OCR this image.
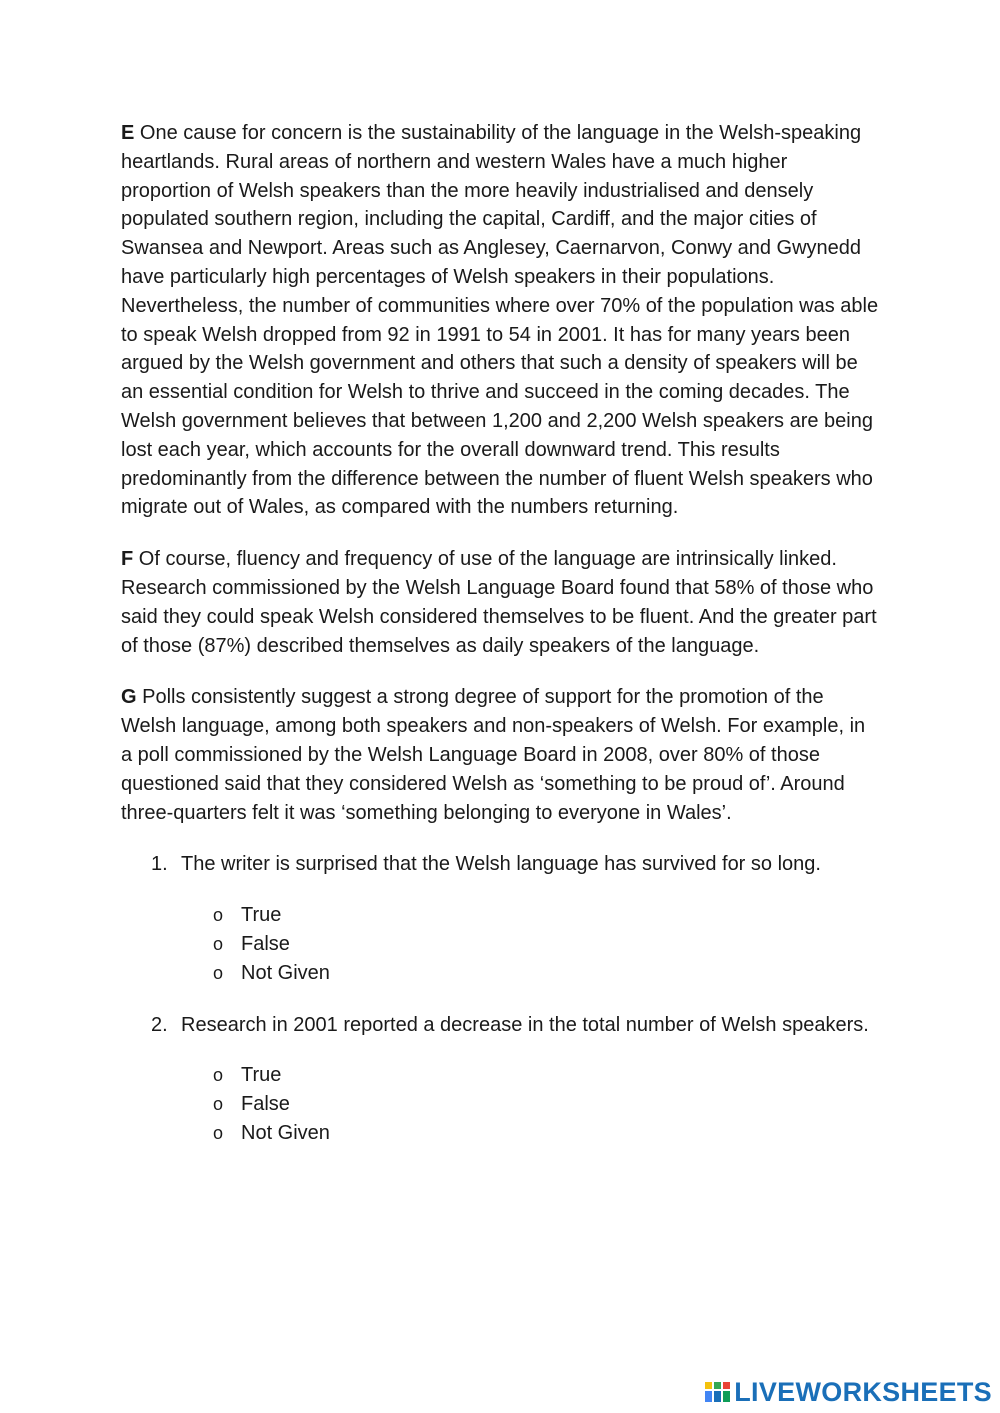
E One cause for concern is the sustainability of the language in the Welsh-speaking heartlands. Rural areas of northern and western Wales have a much higher proportion of Welsh speakers than the more heavily industrialised and densely populated southern region, including the capital, Cardiff, and the major cities of Swansea and Newport. Areas such as Anglesey, Caernarvon, Conwy and Gwynedd have particularly high percentages of Welsh speakers in their populations. Nevertheless, the number of communities where over 70% of the population was able to speak Welsh dropped from 92 in 1991 to 54 in 2001. It has for many years been argued by the Welsh government and others that such a density of speakers will be an essential condition for Welsh to thrive and succeed in the coming decades. The Welsh government believes that between 1,200 and 2,200 Welsh speakers are being lost each year, which accounts for the overall downward trend. This results predominantly from the difference between the number of fluent Welsh speakers who migrate out of Wales, as compared with the numbers returning.

F Of course, fluency and frequency of use of the language are intrinsically linked. Research commissioned by the Welsh Language Board found that 58% of those who said they could speak Welsh considered themselves to be fluent. And the greater part of those (87%) described themselves as daily speakers of the language.

G Polls consistently suggest a strong degree of support for the promotion of the Welsh language, among both speakers and non-speakers of Welsh. For example, in a poll commissioned by the Welsh Language Board in 2008, over 80% of those questioned said that they considered Welsh as ‘something to be proud of’. Around three-quarters felt it was ‘something belonging to everyone in Wales’.

1. The writer is surprised that the Welsh language has survived for so long.

o True
o False
o Not Given

2. Research in 2001 reported a decrease in the total number of Welsh speakers.

o True
o False
o Not Given
LIVEWORKSHEETS
